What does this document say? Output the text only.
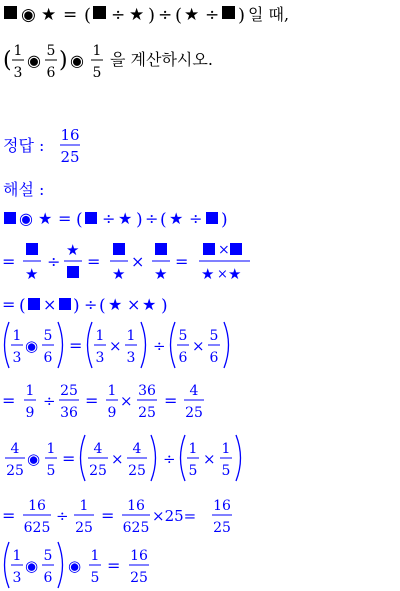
◉ ★ = ( ÷ ★ ) ÷ ( ★ ÷ ) 일 때,
( 1
3
◉ 5
6 ) ◉ 1
5
을 계산하시오.
정답 :
16
25
해설 :
◉ ★ = ( ÷ ★ ) ÷ ( ★ ÷ )
=
★
÷
★
=
★
×
★
=
×
★ × ★
= ( × ) ÷ ( ★ × ★ )
1
3
◉
5
6
= 1
3
×
1
3
÷
5
6
×
5
6
= 1
9
÷
25
36
= 1
9
×
36
25
= 4
25
4
25
◉
1
5
= 4
25
×
4
25
÷
1
5
×
1
5
= 16
625
÷
1
25
= 16
625
×25=
16
25
1
3
◉
5
6
◉
1
5
= 16
25
